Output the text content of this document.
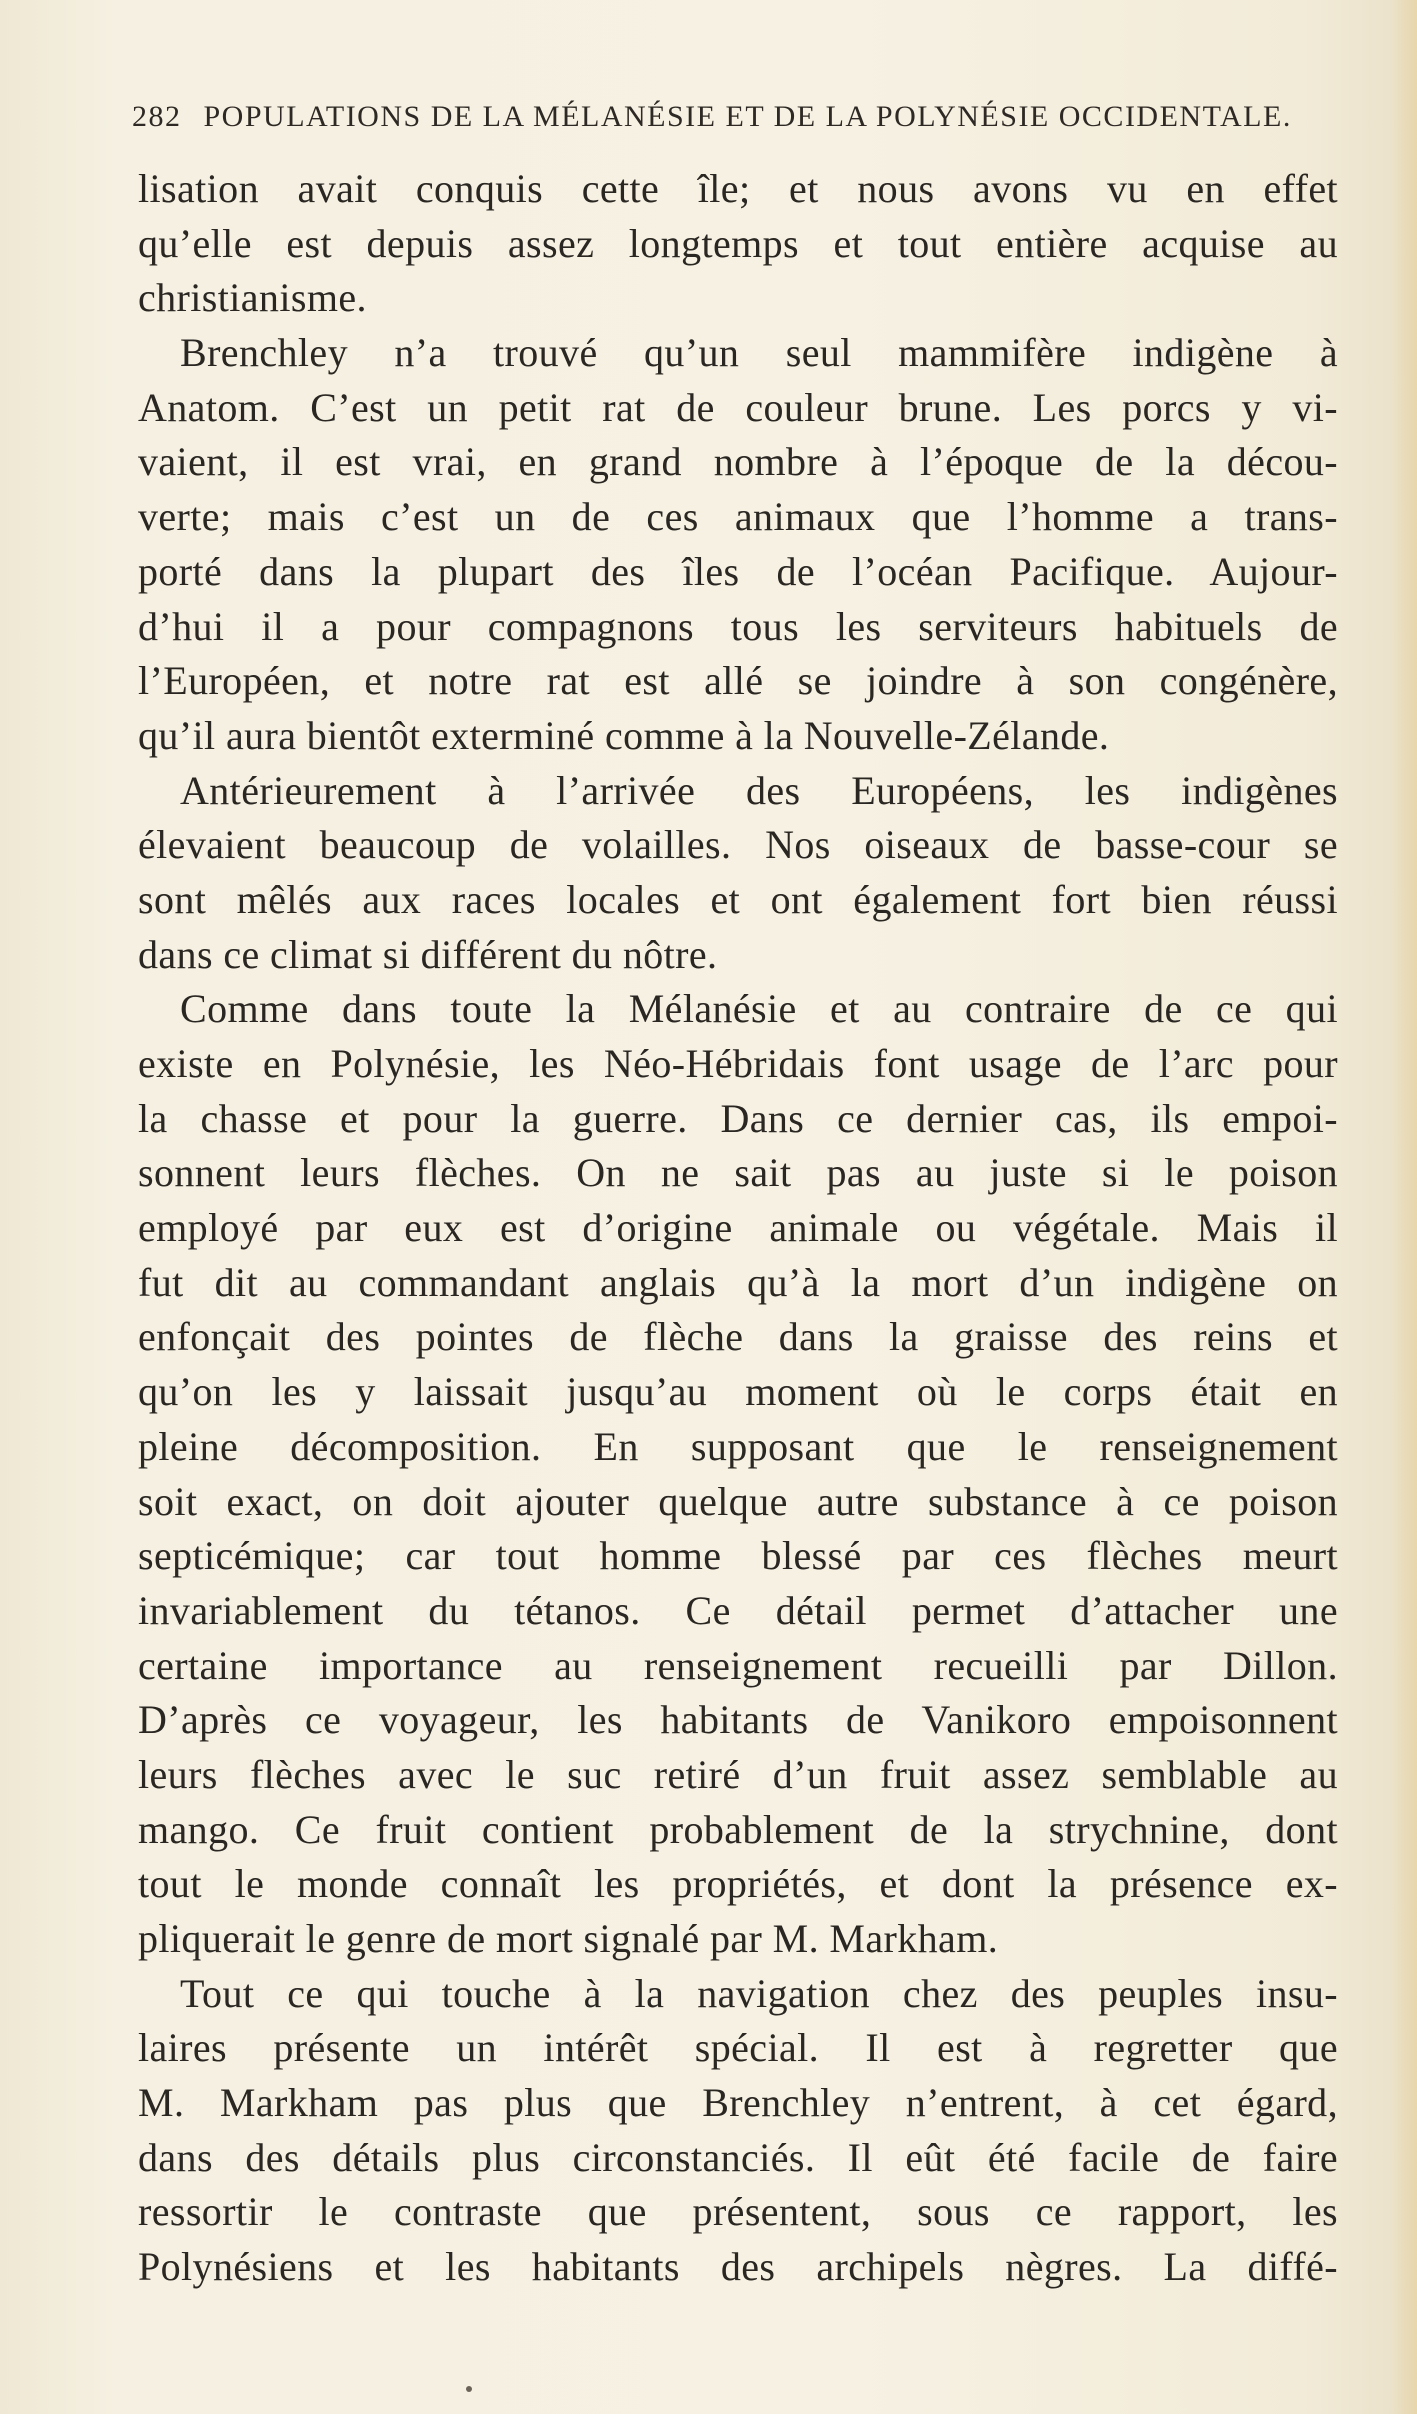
282 POPULATIONS DE LA MÉLANÉSIE ET DE LA POLYNÉSIE OCCIDENTALE.
lisation avait conquis cette île; et nous avons vu en effet
qu’elle est depuis assez longtemps et tout entière acquise au
christianisme.
Brenchley n’a trouvé qu’un seul mammifère indigène à
Anatom. C’est un petit rat de couleur brune. Les porcs y vi-
vaient, il est vrai, en grand nombre à l’époque de la décou-
verte; mais c’est un de ces animaux que l’homme a trans-
porté dans la plupart des îles de l’océan Pacifique. Aujour-
d’hui il a pour compagnons tous les serviteurs habituels de
l’Européen, et notre rat est allé se joindre à son congénère,
qu’il aura bientôt exterminé comme à la Nouvelle-Zélande.
Antérieurement à l’arrivée des Européens, les indigènes
élevaient beaucoup de volailles. Nos oiseaux de basse-cour se
sont mêlés aux races locales et ont également fort bien réussi
dans ce climat si différent du nôtre.
Comme dans toute la Mélanésie et au contraire de ce qui
existe en Polynésie, les Néo-Hébridais font usage de l’arc pour
la chasse et pour la guerre. Dans ce dernier cas, ils empoi-
sonnent leurs flèches. On ne sait pas au juste si le poison
employé par eux est d’origine animale ou végétale. Mais il
fut dit au commandant anglais qu’à la mort d’un indigène on
enfonçait des pointes de flèche dans la graisse des reins et
qu’on les y laissait jusqu’au moment où le corps était en
pleine décomposition. En supposant que le renseignement
soit exact, on doit ajouter quelque autre substance à ce poison
septicémique; car tout homme blessé par ces flèches meurt
invariablement du tétanos. Ce détail permet d’attacher une
certaine importance au renseignement recueilli par Dillon.
D’après ce voyageur, les habitants de Vanikoro empoisonnent
leurs flèches avec le suc retiré d’un fruit assez semblable au
mango. Ce fruit contient probablement de la strychnine, dont
tout le monde connaît les propriétés, et dont la présence ex-
pliquerait le genre de mort signalé par M. Markham.
Tout ce qui touche à la navigation chez des peuples insu-
laires présente un intérêt spécial. Il est à regretter que
M. Markham pas plus que Brenchley n’entrent, à cet égard,
dans des détails plus circonstanciés. Il eût été facile de faire
ressortir le contraste que présentent, sous ce rapport, les
Polynésiens et les habitants des archipels nègres. La diffé-
